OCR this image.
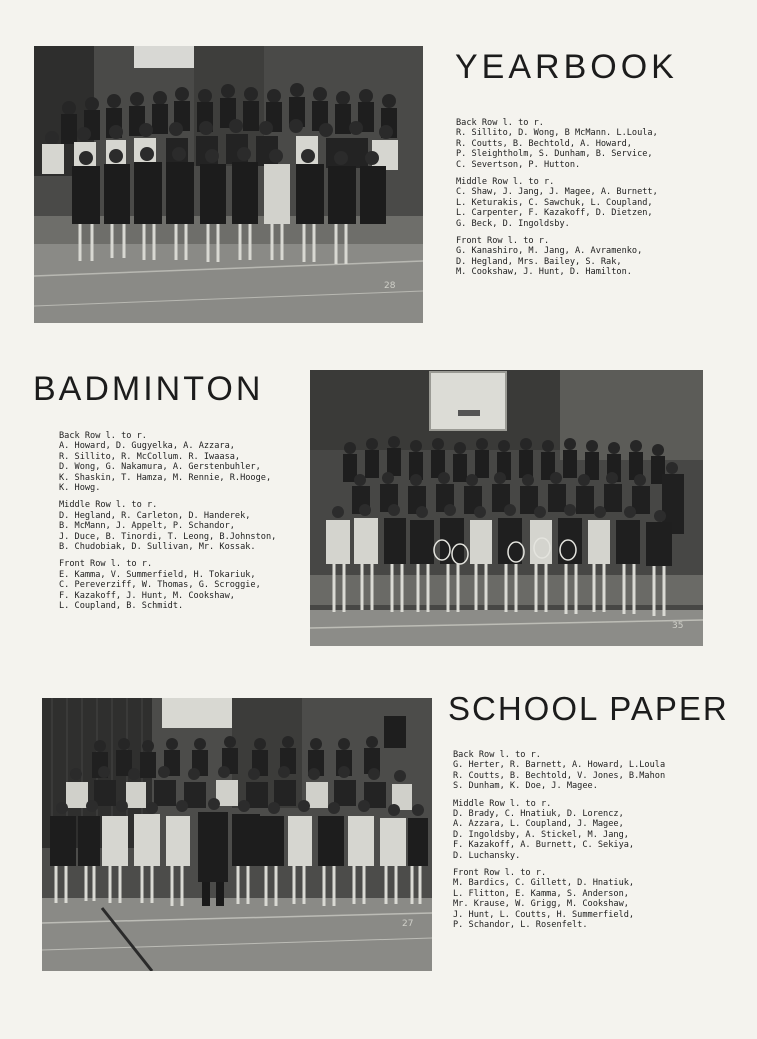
28
YEARBOOK
Back Row l. to r.
R. Sillito, D. Wong, B McMann. L.Loula,
R. Coutts, B. Bechtold, A. Howard,
P. Sleightholm, S. Dunham, B. Service,
C. Severtson, P. Hutton.
Middle Row l. to r.
C. Shaw, J. Jang, J. Magee, A. Burnett,
L. Keturakis, C. Sawchuk, L. Coupland,
L. Carpenter, F. Kazakoff, D. Dietzen,
G. Beck, D. Ingoldsby.
Front Row l. to r.
G. Kanashiro, M. Jang, A. Avramenko,
D. Hegland, Mrs. Bailey, S. Rak,
M. Cookshaw, J. Hunt, D. Hamilton.
BADMINTON
Back Row l. to r.
A. Howard, D. Gugyelka, A. Azzara,
R. Sillito, R. McCollum. R. Iwaasa,
D. Wong, G. Nakamura, A. Gerstenbuhler,
K. Shaskin, T. Hamza, M. Rennie, R.Hooge,
K. Howg.
Middle Row l. to r.
D. Hegland, R. Carleton, D. Handerek,
B. McMann, J. Appelt, P. Schandor,
J. Duce, B. Tinordi, T. Leong, B.Johnston,
B. Chudobiak, D. Sullivan, Mr. Kossak.
Front Row l. to r.
E. Kamma, V. Summerfield, H. Tokariuk,
C. Pereverziff, W. Thomas, G. Scroggie,
F. Kazakoff, J. Hunt, M. Cookshaw,
L. Coupland, B. Schmidt.
35
27
SCHOOL PAPER
Back Row l. to r.
G. Herter, R. Barnett, A. Howard, L.Loula
R. Coutts, B. Bechtold, V. Jones, B.Mahon
S. Dunham, K. Doe, J. Magee.
Middle Row l. to r.
D. Brady, C. Hnatiuk, D. Lorencz,
A. Azzara, L. Coupland, J. Magee,
D. Ingoldsby, A. Stickel, M. Jang,
F. Kazakoff, A. Burnett, C. Sekiya,
D. Luchansky.
Front Row l. to r.
M. Bardics, C. Gillett, D. Hnatiuk,
L. Flitton, E. Kamma, S. Anderson,
Mr. Krause, W. Grigg, M. Cookshaw,
J. Hunt, L. Coutts, H. Summerfield,
P. Schandor, L. Rosenfelt.
